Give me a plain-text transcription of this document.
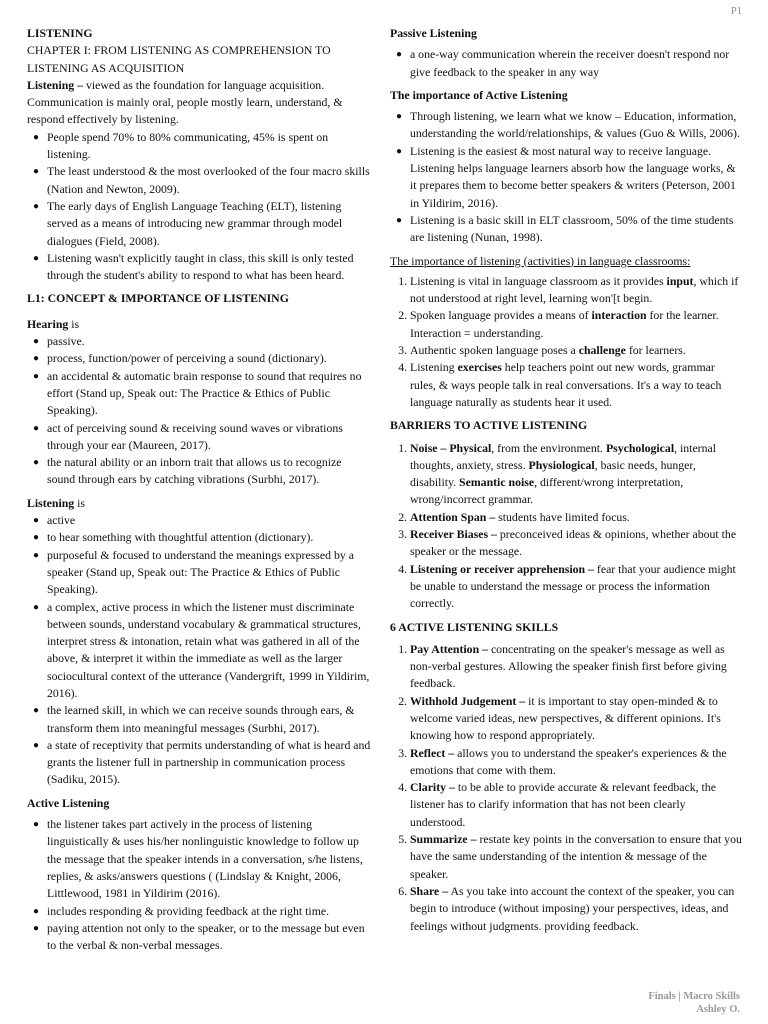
P1

LISTENING

CHAPTER I: FROM LISTENING AS COMPREHENSION TO LISTENING AS ACQUISITION

Listening – viewed as the foundation for language acquisition. Communication is mainly oral, people mostly learn, understand, & respond effectively by listening.

● People spend 70% to 80% communicating, 45% is spent on listening.
● The least understood & the most overlooked of the four macro skills (Nation and Newton, 2009).
● The early days of English Language Teaching (ELT), listening served as a means of introducing new grammar through model dialogues (Field, 2008).
● Listening wasn't explicitly taught in class, this skill is only tested through the student's ability to respond to what has been heard.

L1: CONCEPT & IMPORTANCE OF LISTENING

Hearing is

● passive.
● process, function/power of perceiving a sound (dictionary).
● an accidental & automatic brain response to sound that requires no effort (Stand up, Speak out: The Practice & Ethics of Public Speaking).
● act of perceiving sound & receiving sound waves or vibrations through your ear (Maureen, 2017).
● the natural ability or an inborn trait that allows us to recognize sound through ears by catching vibrations (Surbhi, 2017).

Listening is

● active
● to hear something with thoughtful attention (dictionary).
● purposeful & focused to understand the meanings expressed by a speaker (Stand up, Speak out: The Practice & Ethics of Public Speaking).
● a complex, active process in which the listener must discriminate between sounds, understand vocabulary & grammatical structures, interpret stress & intonation, retain what was gathered in all of the above, & interpret it within the immediate as well as the larger sociocultural context of the utterance (Vandergrift, 1999 in Yildirim, 2016).
● the learned skill, in which we can receive sounds through ears, & transform them into meaningful messages (Surbhi, 2017).
● a state of receptivity that permits understanding of what is heard and grants the listener full in partnership in communication process (Sadiku, 2015).

Active Listening

● the listener takes part actively in the process of listening linguistically & uses his/her nonlinguistic knowledge to follow up the message that the speaker intends in a conversation, s/he listens, replies, & asks/answers questions ( (Lindslay & Knight, 2006, Littlewood, 1981 in Yildirim (2016).
● includes responding & providing feedback at the right time.
● paying attention not only to the speaker, or to the message but even to the verbal & non-verbal messages.

Passive Listening

● a one-way communication wherein the receiver doesn't respond nor give feedback to the speaker in any way

The importance of Active Listening

● Through listening, we learn what we know – Education, information, understanding the world/relationships, & values (Guo & Wills, 2006).
● Listening is the easiest & most natural way to receive language. Listening helps language learners absorb how the language works, & it prepares them to become better speakers & writers (Peterson, 2001 in Yildirim, 2016).
● Listening is a basic skill in ELT classroom, 50% of the time students are listening (Nunan, 1998).

The importance of listening (activities) in language classrooms:

1. Listening is vital in language classroom as it provides input, which if not understood at right level, learning won'[t begin.
2. Spoken language provides a means of interaction for the learner. Interaction = understanding.
3. Authentic spoken language poses a challenge for learners.
4. Listening exercises help teachers point out new words, grammar rules, & ways people talk in real conversations. It's a way to teach language naturally as students hear it used.

BARRIERS TO ACTIVE LISTENING

1. Noise – Physical, from the environment. Psychological, internal thoughts, anxiety, stress. Physiological, basic needs, hunger, disability. Semantic noise, different/wrong interpretation, wrong/incorrect grammar.
2. Attention Span – students have limited focus.
3. Receiver Biases – preconceived ideas & opinions, whether about the speaker or the message.
4. Listening or receiver apprehension – fear that your audience might be unable to understand the message or process the information correctly.

6 ACTIVE LISTENING SKILLS

1. Pay Attention – concentrating on the speaker's message as well as non-verbal gestures. Allowing the speaker finish first before giving feedback.
2. Withhold Judgement – it is important to stay open-minded & to welcome varied ideas, new perspectives, & different opinions. It's knowing how to respond appropriately.
3. Reflect – allows you to understand the speaker's experiences & the emotions that come with them.
4. Clarity – to be able to provide accurate & relevant feedback, the listener has to clarify information that has not been clearly understood.
5. Summarize – restate key points in the conversation to ensure that you have the same understanding of the intention & message of the speaker.
6. Share – As you take into account the context of the speaker, you can begin to introduce (without imposing) your perspectives, ideas, and feelings without judgments. providing feedback.
Finals | Macro Skills
Ashley O.
